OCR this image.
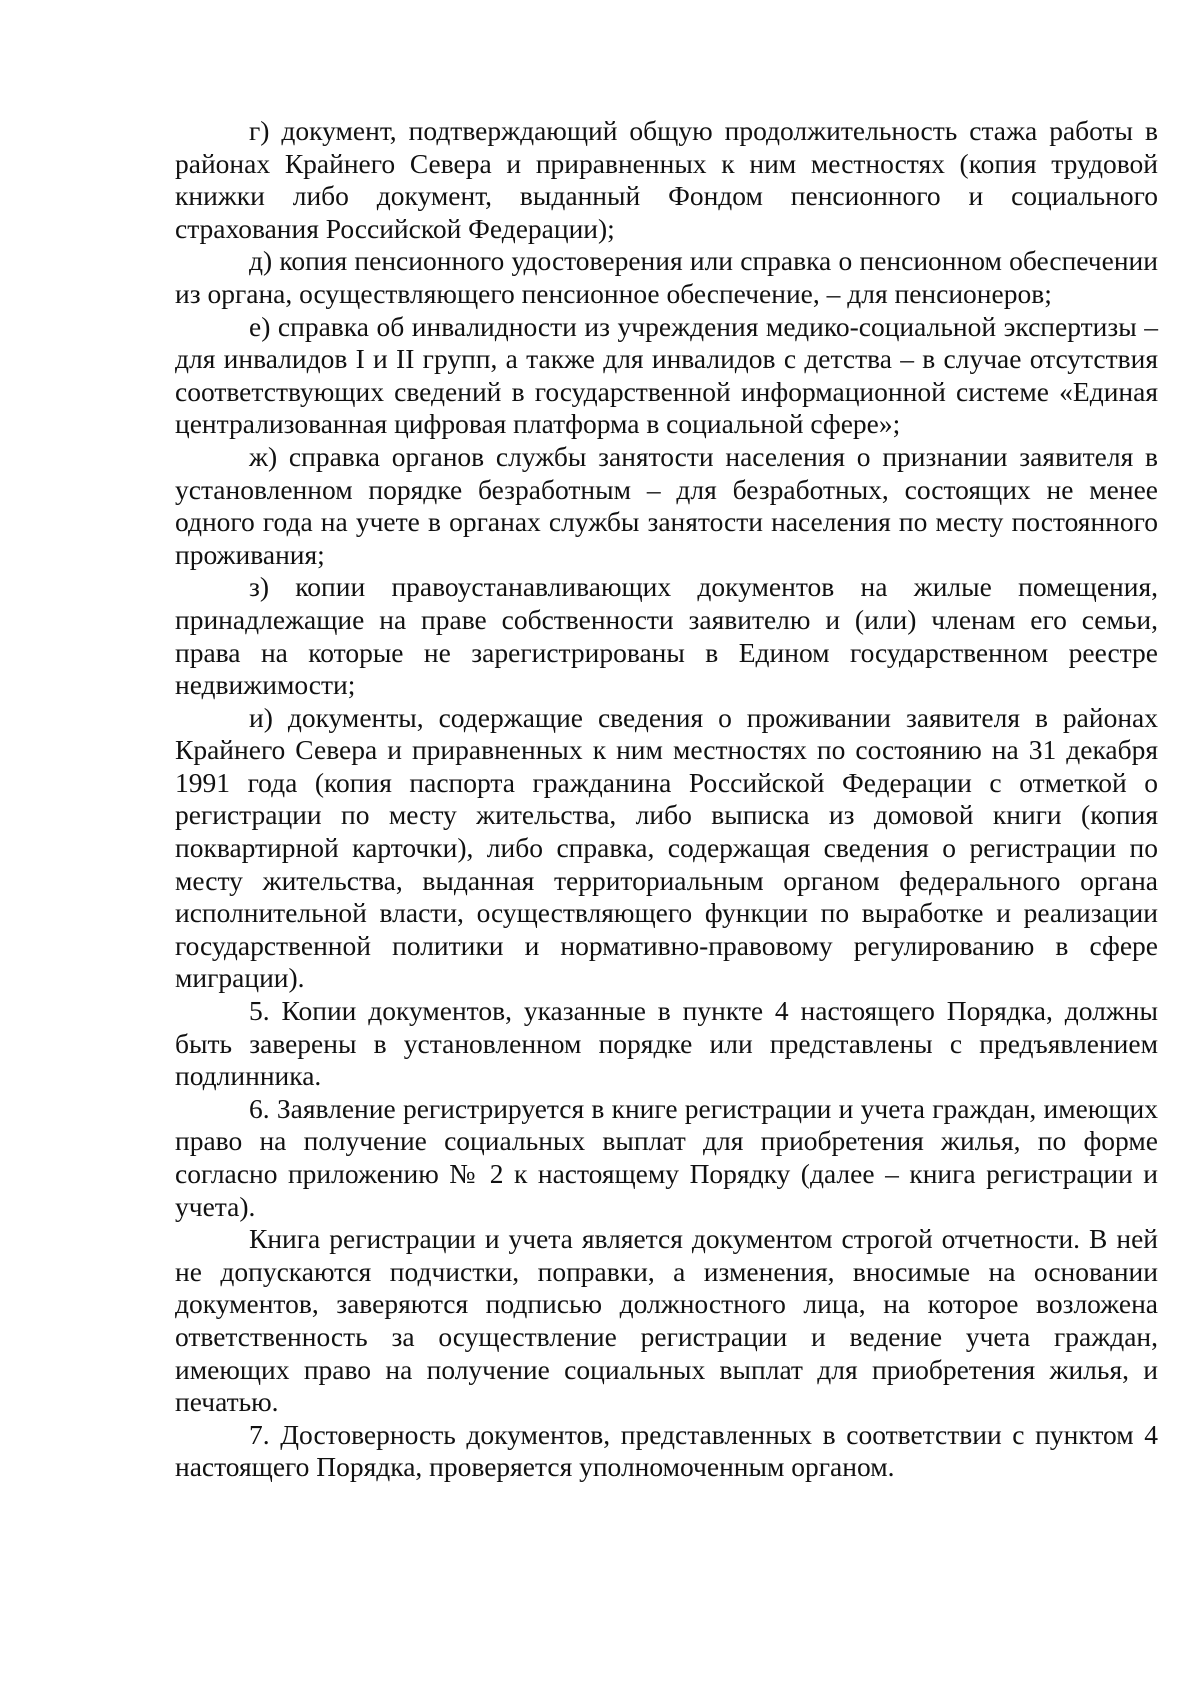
г) документ, подтверждающий общую продолжительность стажа работы в районах Крайнего Севера и приравненных к ним местностях (копия трудовой книжки либо документ, выданный Фондом пенсионного и социального страхования Российской Федерации);

д) копия пенсионного удостоверения или справка о пенсионном обеспечении из органа, осуществляющего пенсионное обеспечение, – для пенсионеров;

е) справка об инвалидности из учреждения медико-социальной экспертизы – для инвалидов I и II групп, а также для инвалидов с детства – в случае отсутствия соответствующих сведений в государственной информационной системе «Единая централизованная цифровая платформа в социальной сфере»;

ж) справка органов службы занятости населения о признании заявителя в установленном порядке безработным – для безработных, состоящих не менее одного года на учете в органах службы занятости населения по месту постоянного проживания;

з) копии правоустанавливающих документов на жилые помещения, принадлежащие на праве собственности заявителю и (или) членам его семьи, права на которые не зарегистрированы в Едином государственном реестре недвижимости;

и) документы, содержащие сведения о проживании заявителя в районах Крайнего Севера и приравненных к ним местностях по состоянию на 31 декабря 1991 года (копия паспорта гражданина Российской Федерации с отметкой о регистрации по месту жительства, либо выписка из домовой книги (копия поквартирной карточки), либо справка, содержащая сведения о регистрации по месту жительства, выданная территориальным органом федерального органа исполнительной власти, осуществляющего функции по выработке и реализации государственной политики и нормативно-правовому регулированию в сфере миграции).

5. Копии документов, указанные в пункте 4 настоящего Порядка, должны быть заверены в установленном порядке или представлены с предъявлением подлинника.

6. Заявление регистрируется в книге регистрации и учета граждан, имеющих право на получение социальных выплат для приобретения жилья, по форме согласно приложению № 2 к настоящему Порядку (далее – книга регистрации и учета).

Книга регистрации и учета является документом строгой отчетности. В ней не допускаются подчистки, поправки, а изменения, вносимые на основании документов, заверяются подписью должностного лица, на которое возложена ответственность за осуществление регистрации и ведение учета граждан, имеющих право на получение социальных выплат для приобретения жилья, и печатью.

7. Достоверность документов, представленных в соответствии с пунктом 4 настоящего Порядка, проверяется уполномоченным органом.
